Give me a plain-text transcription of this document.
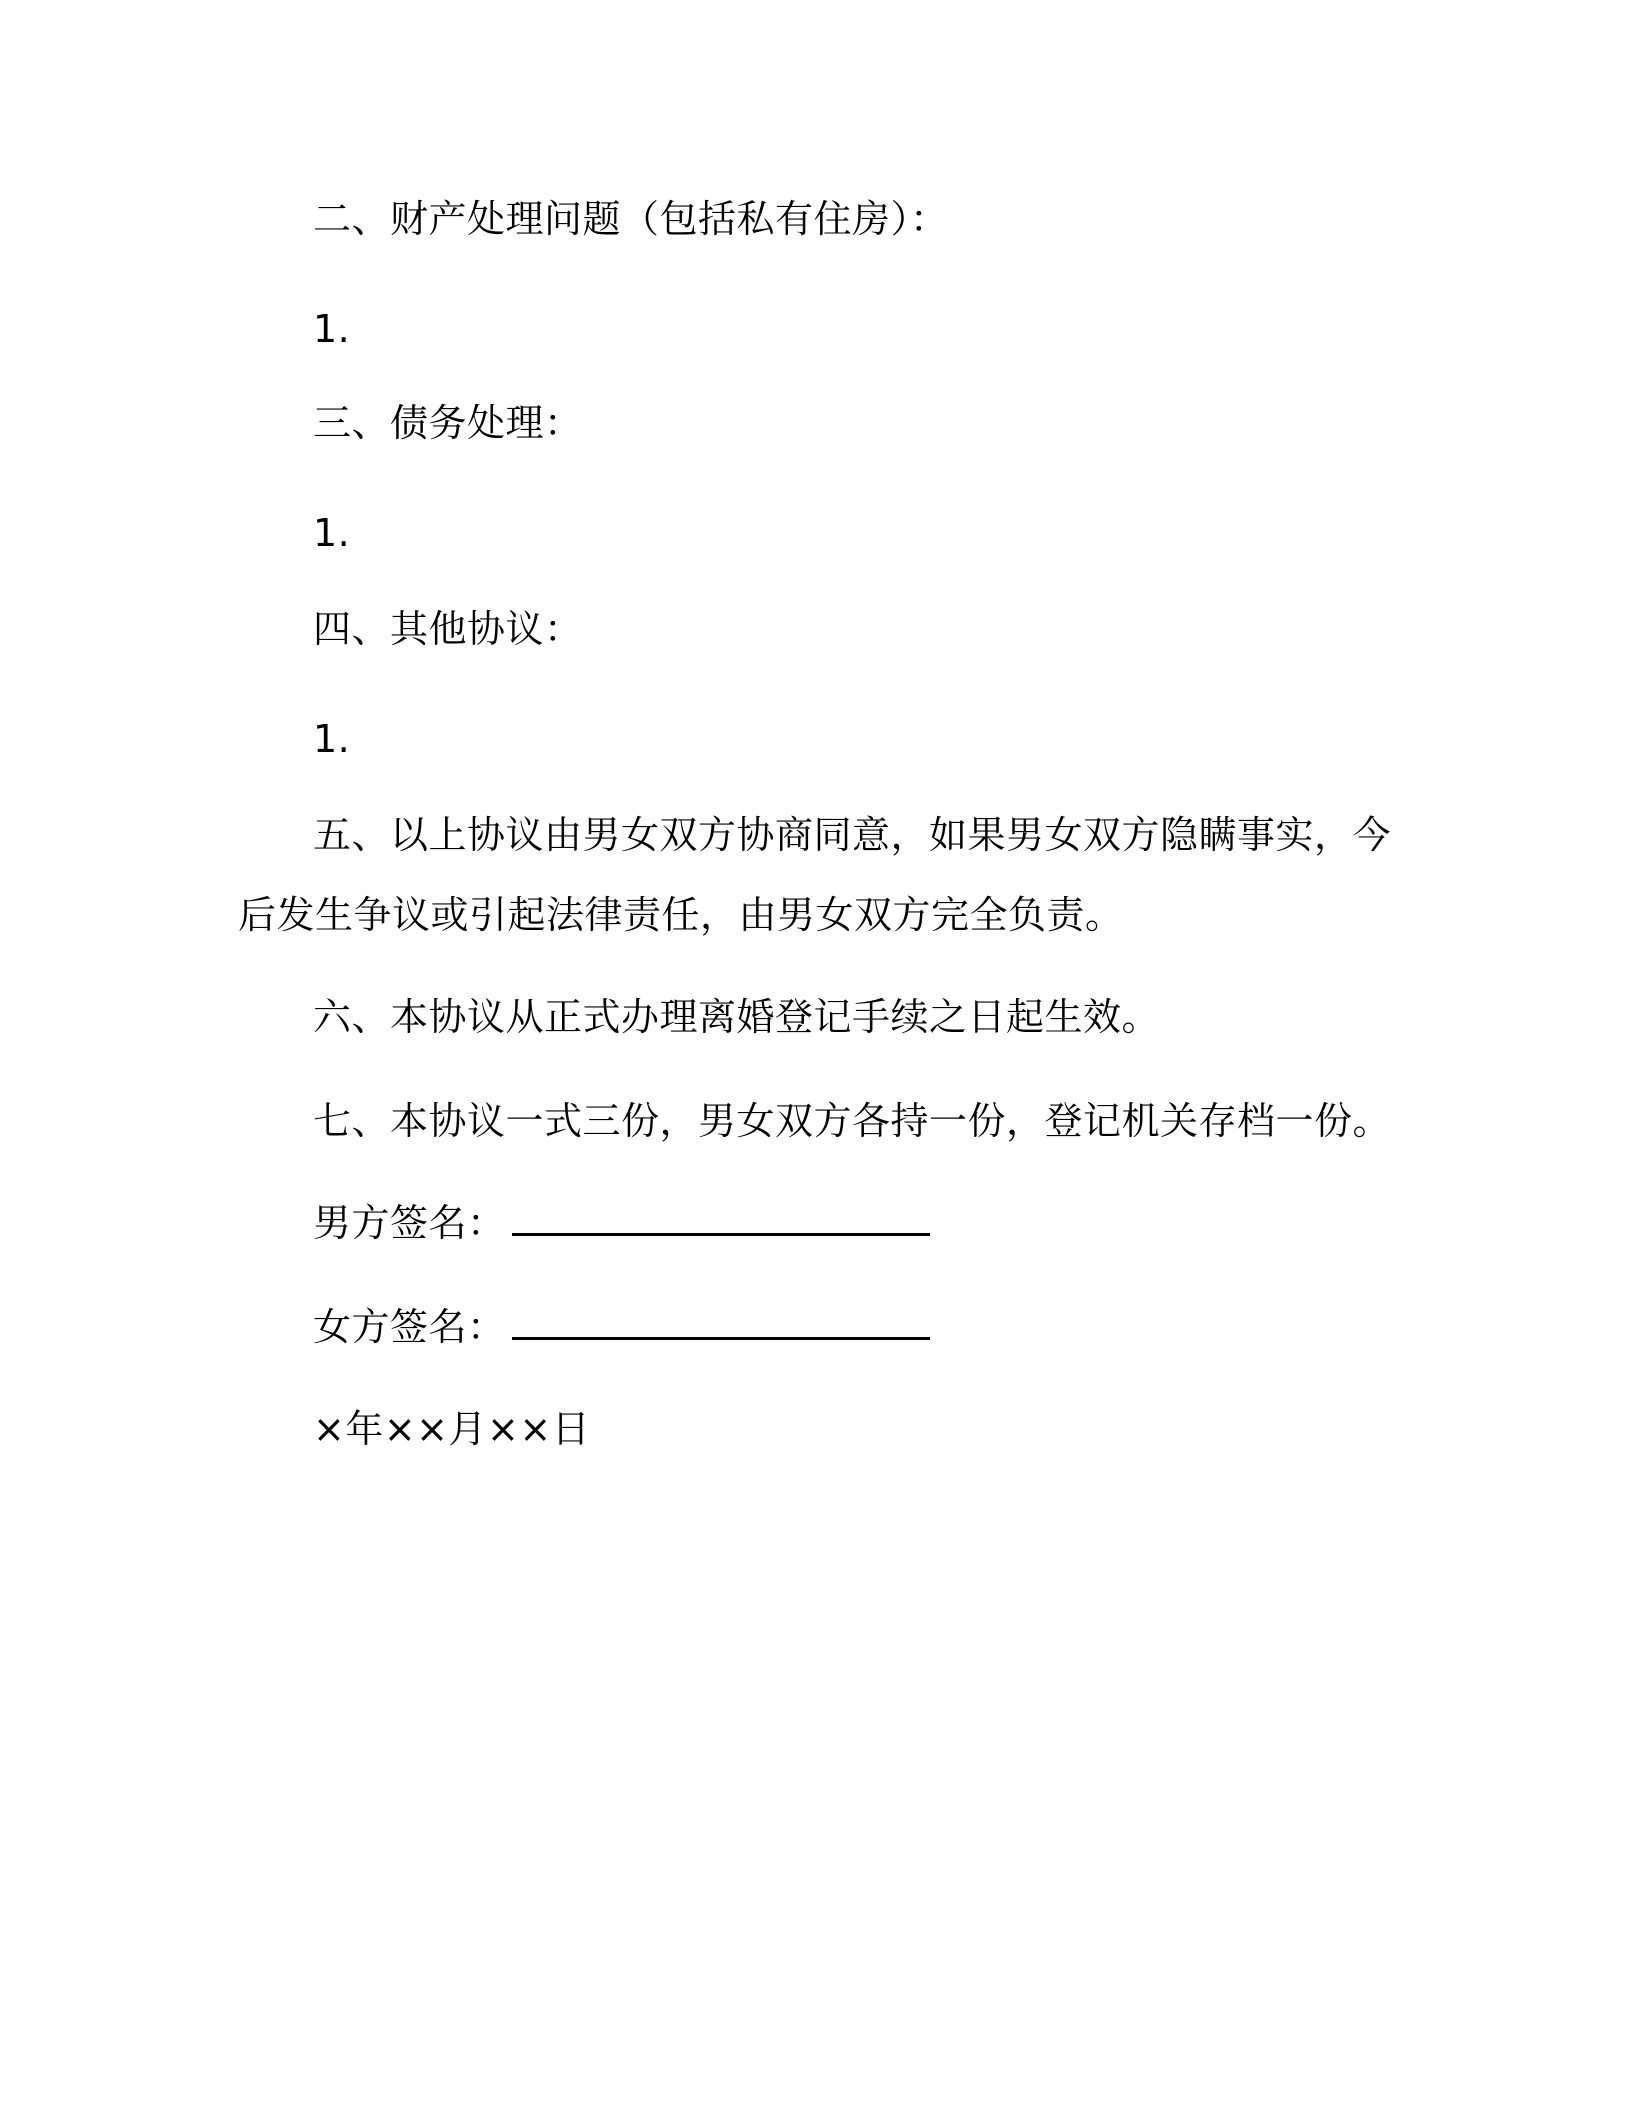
二、财产处理问题（包括私有住房）：
1.
三、债务处理：
1.
四、其他协议：
1.
五、以上协议由男女双方协商同意，如果男女双方隐瞒事实，今
后发生争议或引起法律责任，由男女双方完全负责。
六、本协议从正式办理离婚登记手续之日起生效。
七、本协议一式三份，男女双方各持一份，登记机关存档一份。
男方签名：
女方签名：
×年××月××日
